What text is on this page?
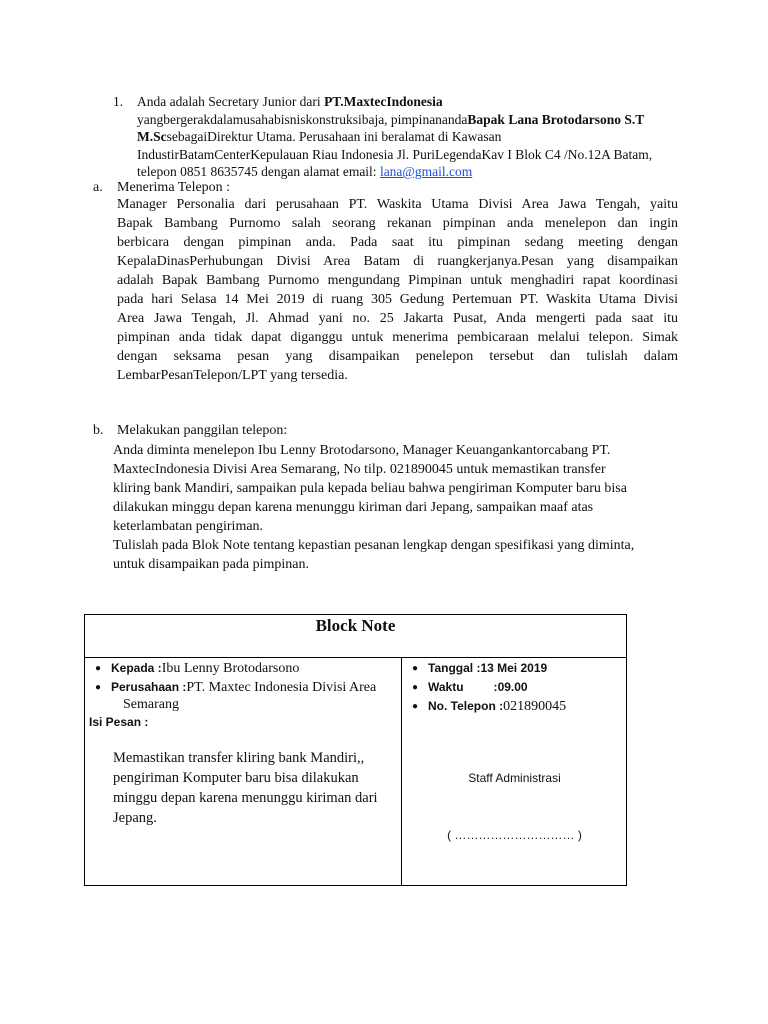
1. Anda adalah Secretary Junior dari PT.MaxtecIndonesia
yangbergerakdalamusahabisniskonstruksibaja, pimpinanandaBapak Lana Brotodarsono S.T
M.ScsebagaiDirektur Utama. Perusahaan ini beralamat di Kawasan
IndustirBatamCenterKepulauan Riau Indonesia Jl. PuriLegendaKav I Blok C4 /No.12A Batam,
telepon 0851 8635745 dengan alamat email: lana@gmail.com
a. Menerima Telepon :
Manager Personalia dari perusahaan PT. Waskita Utama Divisi Area Jawa Tengah, yaitu
Bapak Bambang Purnomo salah seorang rekanan pimpinan anda menelepon dan ingin
berbicara dengan pimpinan anda. Pada saat itu pimpinan sedang meeting dengan
KepalaDinasPerhubungan Divisi Area Batam di ruangkerjanya.Pesan yang disampaikan
adalah Bapak Bambang Purnomo mengundang Pimpinan untuk menghadiri rapat koordinasi
pada hari Selasa 14 Mei 2019 di ruang 305 Gedung Pertemuan PT. Waskita Utama Divisi
Area Jawa Tengah, Jl. Ahmad yani no. 25 Jakarta Pusat, Anda mengerti pada saat itu
pimpinan anda tidak dapat diganggu untuk menerima pembicaraan melalui telepon. Simak
dengan seksama pesan yang disampaikan penelepon tersebut dan tulislah dalam
LembarPesanTelepon/LPT yang tersedia.
b. Melakukan panggilan telepon:
Anda diminta menelepon Ibu Lenny Brotodarsono, Manager Keuangankantorcabang PT.
MaxtecIndonesia Divisi Area Semarang, No tilp. 021890045 untuk memastikan transfer
kliring bank Mandiri, sampaikan pula kepada beliau bahwa pengiriman Komputer baru bisa
dilakukan minggu depan karena menunggu kiriman dari Jepang, sampaikan maaf atas
keterlambatan pengiriman.
Tulislah pada Blok Note tentang kepastian pesanan lengkap dengan spesifikasi yang diminta,
untuk disampaikan pada pimpinan.
Block Note
● Kepada :Ibu Lenny Brotodarsono
● Perusahaan :PT. Maxtec Indonesia Divisi Area
Semarang
Isi Pesan :
Memastikan transfer kliring bank Mandiri,,
pengiriman Komputer baru bisa dilakukan
minggu depan karena menunggu kiriman dari
Jepang.
● Tanggal :13 Mei 2019
● Waktu         :09.00
● No. Telepon :021890045
Staff Administrasi
( ………………………… )
